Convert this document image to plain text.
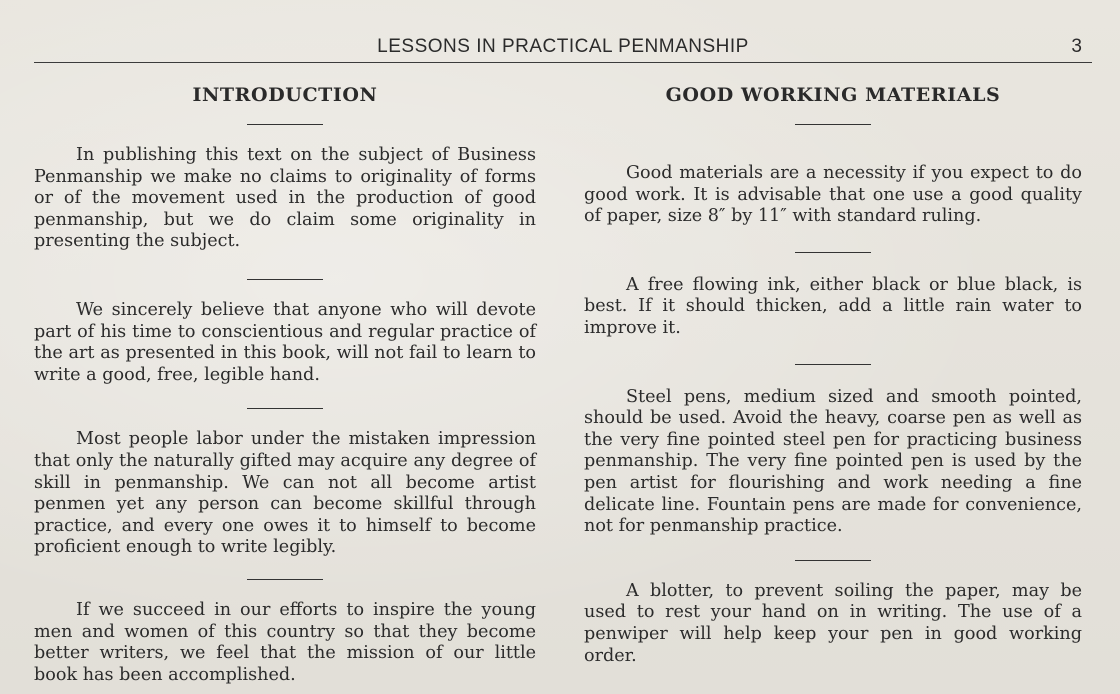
LESSONS IN PRACTICAL PENMANSHIP	3
INTRODUCTION

In publishing this text on the subject of Business Penmanship we make no claims to originality of forms or of the movement used in the production of good penmanship, but we do claim some originality in presenting the subject.

We sincerely believe that anyone who will devote part of his time to conscientious and regular practice of the art as presented in this book, will not fail to learn to write a good, free, legible hand.

Most people labor under the mistaken impression that only the naturally gifted may acquire any degree of skill in penmanship. We can not all become artist penmen yet any person can become skillful through practice, and every one owes it to himself to become proficient enough to write legibly.

If we succeed in our efforts to inspire the young men and women of this country so that they become better writers, we feel that the mission of our little book has been accomplished.

GOOD WORKING MATERIALS

Good materials are a necessity if you expect to do good work. It is advisable that one use a good quality of paper, size 8″ by 11″ with standard ruling.

A free flowing ink, either black or blue black, is best. If it should thicken, add a little rain water to improve it.

Steel pens, medium sized and smooth pointed, should be used. Avoid the heavy, coarse pen as well as the very fine pointed steel pen for practicing business penmanship. The very fine pointed pen is used by the pen artist for flourishing and work needing a fine delicate line. Fountain pens are made for convenience, not for penmanship practice.

A blotter, to prevent soiling the paper, may be used to rest your hand on in writing. The use of a penwiper will help keep your pen in good working order.
